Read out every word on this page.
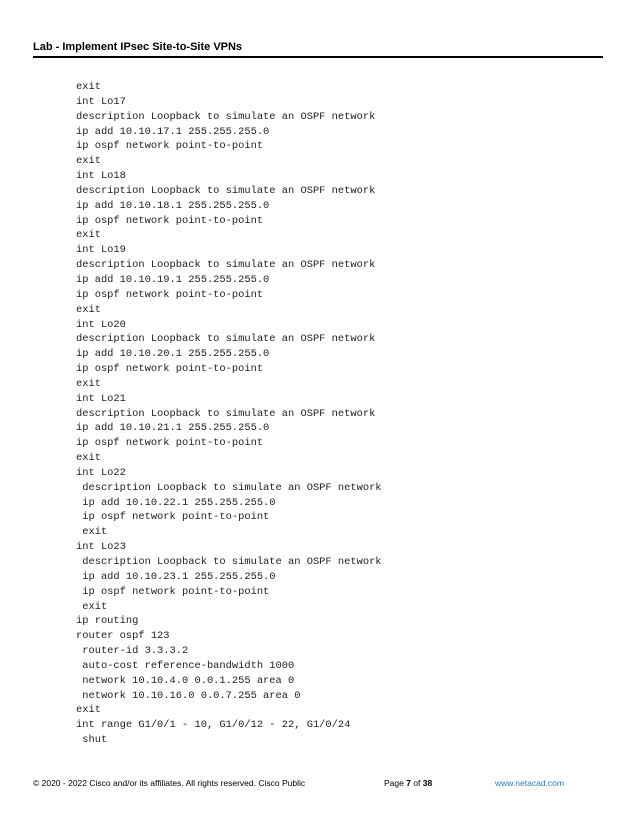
Lab - Implement IPsec Site-to-Site VPNs
exit
int Lo17
description Loopback to simulate an OSPF network
ip add 10.10.17.1 255.255.255.0
ip ospf network point-to-point
exit
int Lo18
description Loopback to simulate an OSPF network
ip add 10.10.18.1 255.255.255.0
ip ospf network point-to-point
exit
int Lo19
description Loopback to simulate an OSPF network
ip add 10.10.19.1 255.255.255.0
ip ospf network point-to-point
exit
int Lo20
description Loopback to simulate an OSPF network
ip add 10.10.20.1 255.255.255.0
ip ospf network point-to-point
exit
int Lo21
description Loopback to simulate an OSPF network
ip add 10.10.21.1 255.255.255.0
ip ospf network point-to-point
exit
int Lo22
description Loopback to simulate an OSPF network
ip add 10.10.22.1 255.255.255.0
ip ospf network point-to-point
exit
int Lo23
description Loopback to simulate an OSPF network
ip add 10.10.23.1 255.255.255.0
ip ospf network point-to-point
exit
ip routing
router ospf 123
router-id 3.3.3.2
auto-cost reference-bandwidth 1000
network 10.10.4.0 0.0.1.255 area 0
network 10.10.16.0 0.0.7.255 area 0
exit
int range G1/0/1 - 10, G1/0/12 - 22, G1/0/24
shut
© 2020 - 2022 Cisco and/or its affiliates. All rights reserved. Cisco Public	Page 7 of 38	www.netacad.com
